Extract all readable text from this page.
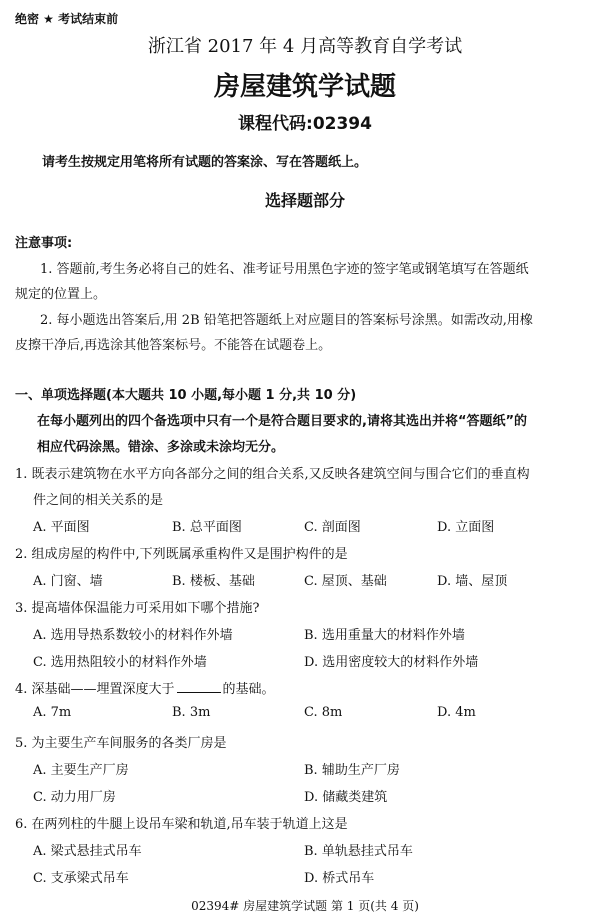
绝密 ★ 考试结束前
浙江省 2017 年 4 月高等教育自学考试
房屋建筑学试题
课程代码:02394
请考生按规定用笔将所有试题的答案涂、写在答题纸上。
选择题部分
注意事项:
1. 答题前,考生务必将自己的姓名、准考证号用黑色字迹的签字笔或钢笔填写在答题纸
规定的位置上。
2. 每小题选出答案后,用 2B 铅笔把答题纸上对应题目的答案标号涂黑。如需改动,用橡
皮擦干净后,再选涂其他答案标号。不能答在试题卷上。
一、单项选择题(本大题共 10 小题,每小题 1 分,共 10 分)
在每小题列出的四个备选项中只有一个是符合题目要求的,请将其选出并将“答题纸”的
相应代码涂黑。错涂、多涂或未涂均无分。
1. 既表示建筑物在水平方向各部分之间的组合关系,又反映各建筑空间与围合它们的垂直构
件之间的相关关系的是
A. 平面图	B. 总平面图	C. 剖面图	D. 立面图
2. 组成房屋的构件中,下列既属承重构件又是围护构件的是
A. 门窗、墙	B. 楼板、基础	C. 屋顶、基础	D. 墙、屋顶
3. 提高墙体保温能力可采用如下哪个措施?
A. 选用导热系数较小的材料作外墙	B. 选用重量大的材料作外墙
C. 选用热阻较小的材料作外墙	D. 选用密度较大的材料作外墙
4. 深基础——埋置深度大于	的基础。
A. 7m	B. 3m	C. 8m	D. 4m
5. 为主要生产车间服务的各类厂房是
A. 主要生产厂房	B. 辅助生产厂房
C. 动力用厂房	D. 储藏类建筑
6. 在两列柱的牛腿上设吊车梁和轨道,吊车装于轨道上这是
A. 梁式悬挂式吊车	B. 单轨悬挂式吊车
C. 支承梁式吊车	D. 桥式吊车
02394# 房屋建筑学试题 第 1 页(共 4 页)
